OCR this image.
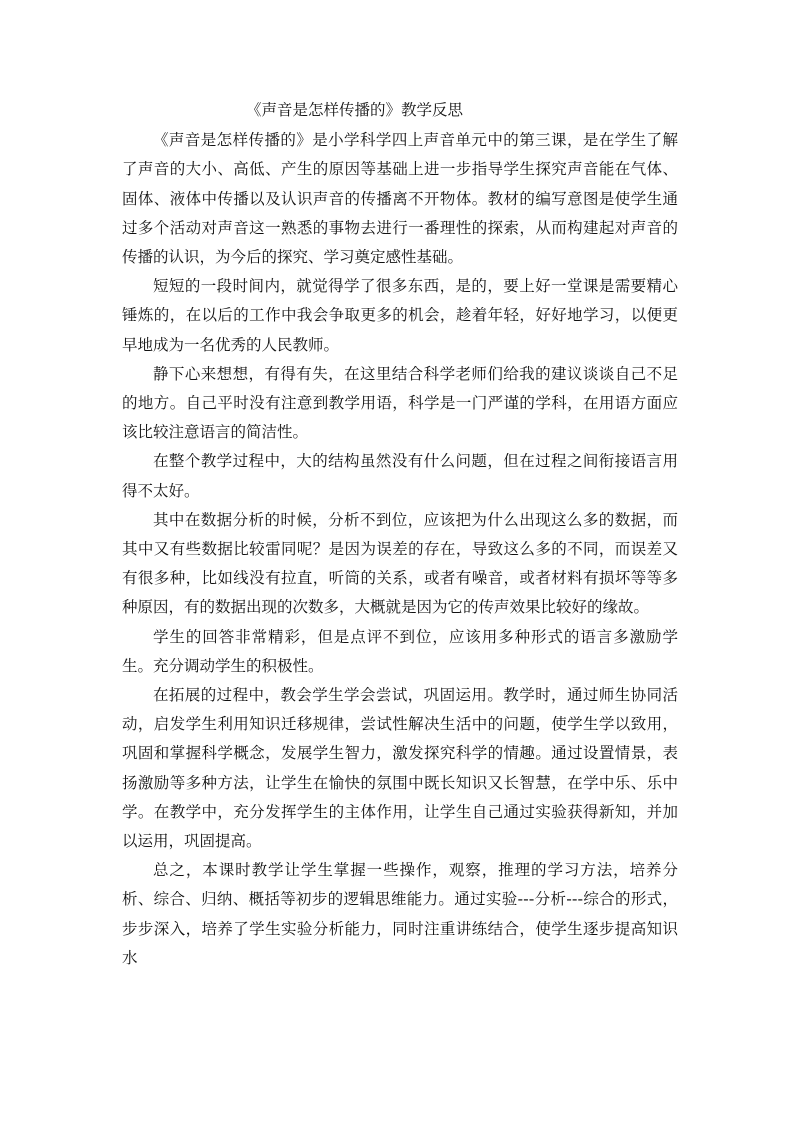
《声音是怎样传播的》教学反思

《声音是怎样传播的》是小学科学四上声音单元中的第三课，是在学生了解了声音的大小、高低、产生的原因等基础上进一步指导学生探究声音能在气体、固体、液体中传播以及认识声音的传播离不开物体。教材的编写意图是使学生通过多个活动对声音这一熟悉的事物去进行一番理性的探索，从而构建起对声音的传播的认识，为今后的探究、学习奠定感性基础。

短短的一段时间内，就觉得学了很多东西，是的，要上好一堂课是需要精心锤炼的，在以后的工作中我会争取更多的机会，趁着年轻，好好地学习，以便更早地成为一名优秀的人民教师。

静下心来想想，有得有失，在这里结合科学老师们给我的建议谈谈自己不足的地方。自己平时没有注意到教学用语，科学是一门严谨的学科，在用语方面应该比较注意语言的简洁性。

在整个教学过程中，大的结构虽然没有什么问题，但在过程之间衔接语言用得不太好。

其中在数据分析的时候，分析不到位，应该把为什么出现这么多的数据，而其中又有些数据比较雷同呢？是因为误差的存在，导致这么多的不同，而误差又有很多种，比如线没有拉直，听筒的关系，或者有噪音，或者材料有损坏等等多种原因，有的数据出现的次数多，大概就是因为它的传声效果比较好的缘故。

学生的回答非常精彩，但是点评不到位，应该用多种形式的语言多激励学生。充分调动学生的积极性。

在拓展的过程中，教会学生学会尝试，巩固运用。教学时，通过师生协同活动，启发学生利用知识迁移规律，尝试性解决生活中的问题，使学生学以致用，巩固和掌握科学概念，发展学生智力，激发探究科学的情趣。通过设置情景，表扬激励等多种方法，让学生在愉快的氛围中既长知识又长智慧，在学中乐、乐中学。在教学中，充分发挥学生的主体作用，让学生自己通过实验获得新知，并加以运用，巩固提高。

总之，本课时教学让学生掌握一些操作，观察，推理的学习方法，培养分析、综合、归纳、概括等初步的逻辑思维能力。通过实验---分析---综合的形式，步步深入，培养了学生实验分析能力，同时注重讲练结合，使学生逐步提高知识水
